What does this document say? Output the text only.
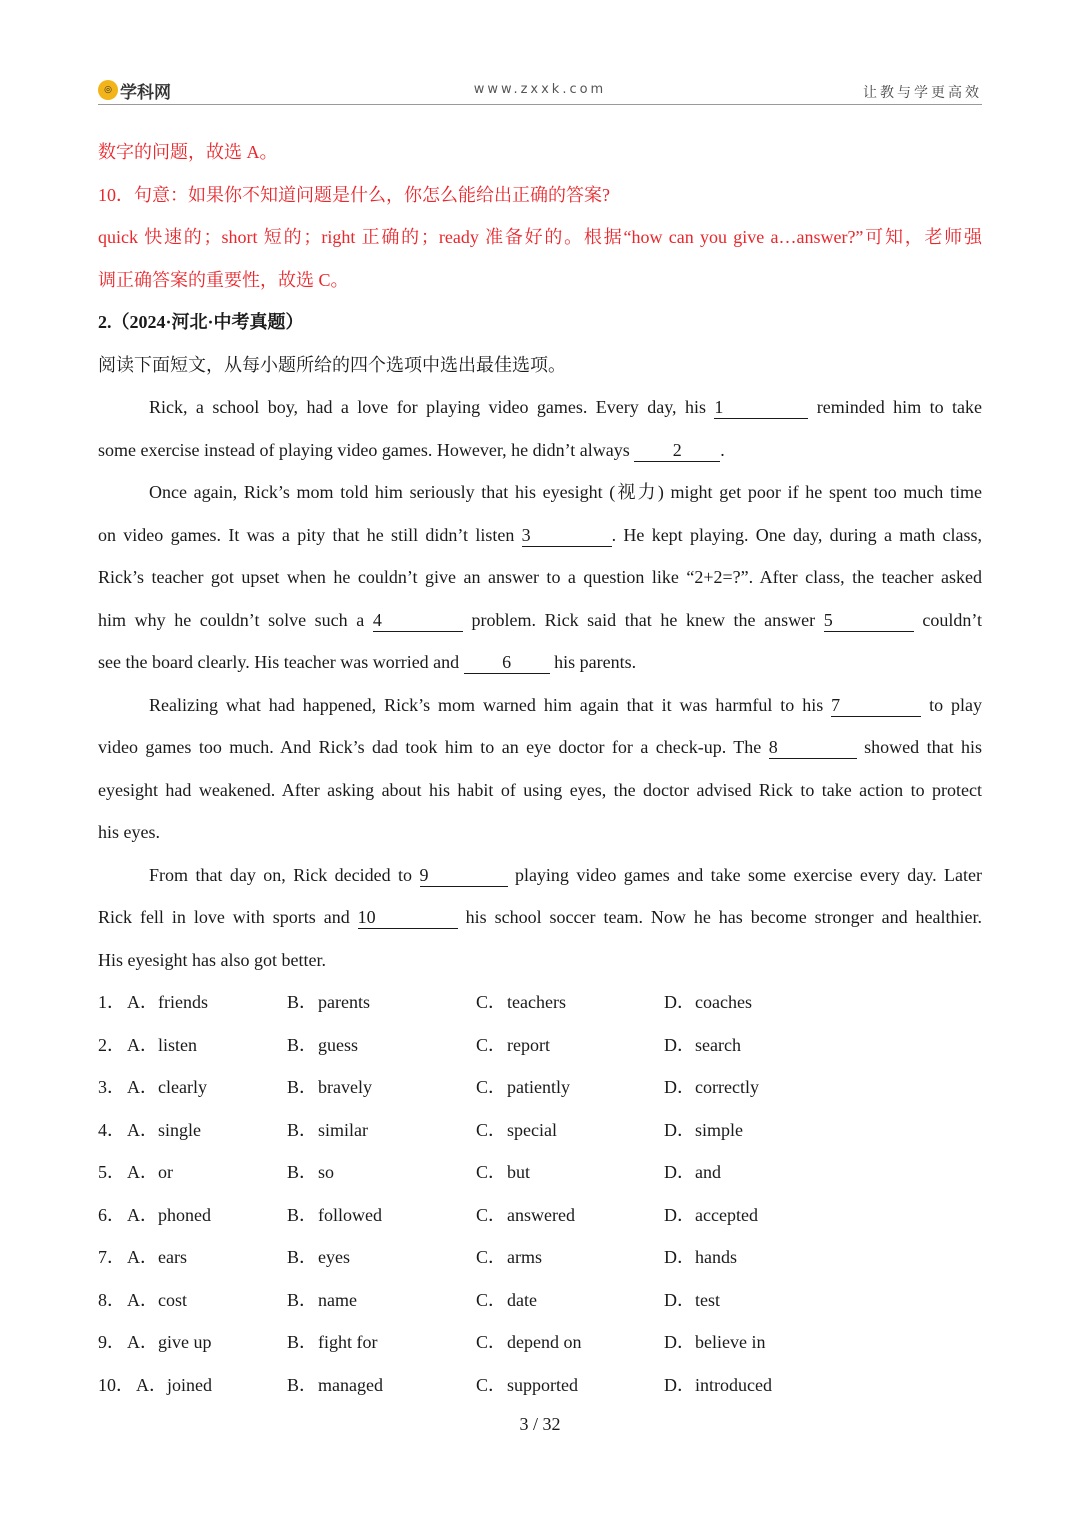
◎ 学科网	www.zxxk.com	让教与学更高效
数字的问题，故选 A。
10．句意：如果你不知道问题是什么，你怎么能给出正确的答案?
quick 快速的；short 短的；right 正确的；ready 准备好的。根据“how can you give a…answer?”可知，老师强
调正确答案的重要性，故选 C。
2.（2024·河北·中考真题）
阅读下面短文，从每小题所给的四个选项中选出最佳选项。
Rick, a school boy, had a love for playing video games. Every day, his 1	reminded him to take
some exercise instead of playing video games. However, he didn’t always 2 .
Once again, Rick’s mom told him seriously that his eyesight (视力) might get poor if he spent too much time
on video games. It was a pity that he still didn’t listen 3	. He kept playing. One day, during a math class,
Rick’s teacher got upset when he couldn’t give an answer to a question like “2+2=?”. After class, the teacher asked
him why he couldn’t solve such a 4	problem. Rick said that he knew the answer 5	couldn’t
see the board clearly. His teacher was worried and 6 his parents.
Realizing what had happened, Rick’s mom warned him again that it was harmful to his 7	to play
video games too much. And Rick’s dad took him to an eye doctor for a check-up. The 8	showed that his
eyesight had weakened. After asking about his habit of using eyes, the doctor advised Rick to take action to protect
his eyes.
From that day on, Rick decided to 9	playing video games and take some exercise every day. Later
Rick fell in love with sports and 10	his school soccer team. Now he has become stronger and healthier.
His eyesight has also got better.
1． A．friends	B．parents	C．teachers	D．coaches
2． A．listen	B．guess	C．report	D．search
3． A．clearly	B．bravely	C．patiently	D．correctly
4． A．single	B．similar	C．special	D．simple
5． A．or	B．so	C．but	D．and
6． A．phoned	B．followed	C．answered	D．accepted
7． A．ears	B．eyes	C．arms	D．hands
8． A．cost	B．name	C．date	D．test
9． A．give up	B．fight for	C．depend on	D．believe in
10． A．joined	B．managed	C．supported	D．introduced
3 / 32
